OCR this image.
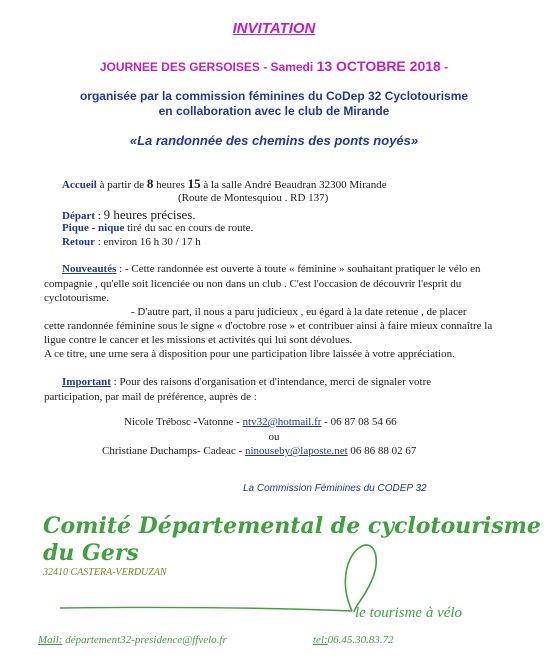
INVITATION
JOURNEE DES GERSOISES - Samedi 13 OCTOBRE 2018 -
organisée par la commission féminines du CoDep 32 Cyclotourisme
en collaboration avec le club de Mirande
«La randonnée des chemins des ponts noyés»
Accueil à partir de 8 heures 15 à la salle André Beaudran 32300 Mirande
(Route de Montesquiou . RD 137)
Départ : 9 heures précises.
Pique - nique tiré du sac en cours de route.
Retour : environ 16 h 30 / 17 h
Nouveautés : - Cette randonnée est ouverte à toute « féminine » souhaitant pratiquer le vélo en
compagnie , qu'elle soit licenciée ou non dans un club . C'est l'occasion de découvrir l'esprit du
cyclotourisme.
- D'autre part, il nous a paru judicieux , eu égard à la date retenue , de placer
cette randonnée féminine sous le signe « d'octobre rose » et contribuer ainsi à faire mieux connaître la
ligue contre le cancer et les missions et activités qui lui sont dévolues.
A ce titre, une urne sera à disposition pour une participation libre laissée à votre appréciation.
Important : Pour des raisons d'organisation et d'intendance, merci de signaler votre
participation, par mail de préférence, auprès de :
Nicole Trébosc -Vatonne - ntv32@hotmail.fr - 06 87 08 54 66
ou
Christiane Duchamps- Cadeac - ninouseby@laposte.net 06 86 88 02 67
La Commission Féminines du CODEP 32
Comité Départemental de cyclotourisme
du Gers
32410 CASTERA-VERDUZAN
le tourisme à vélo
Mail: département32-presidence@ffvelo.fr	tel:06.45.30.83.72
